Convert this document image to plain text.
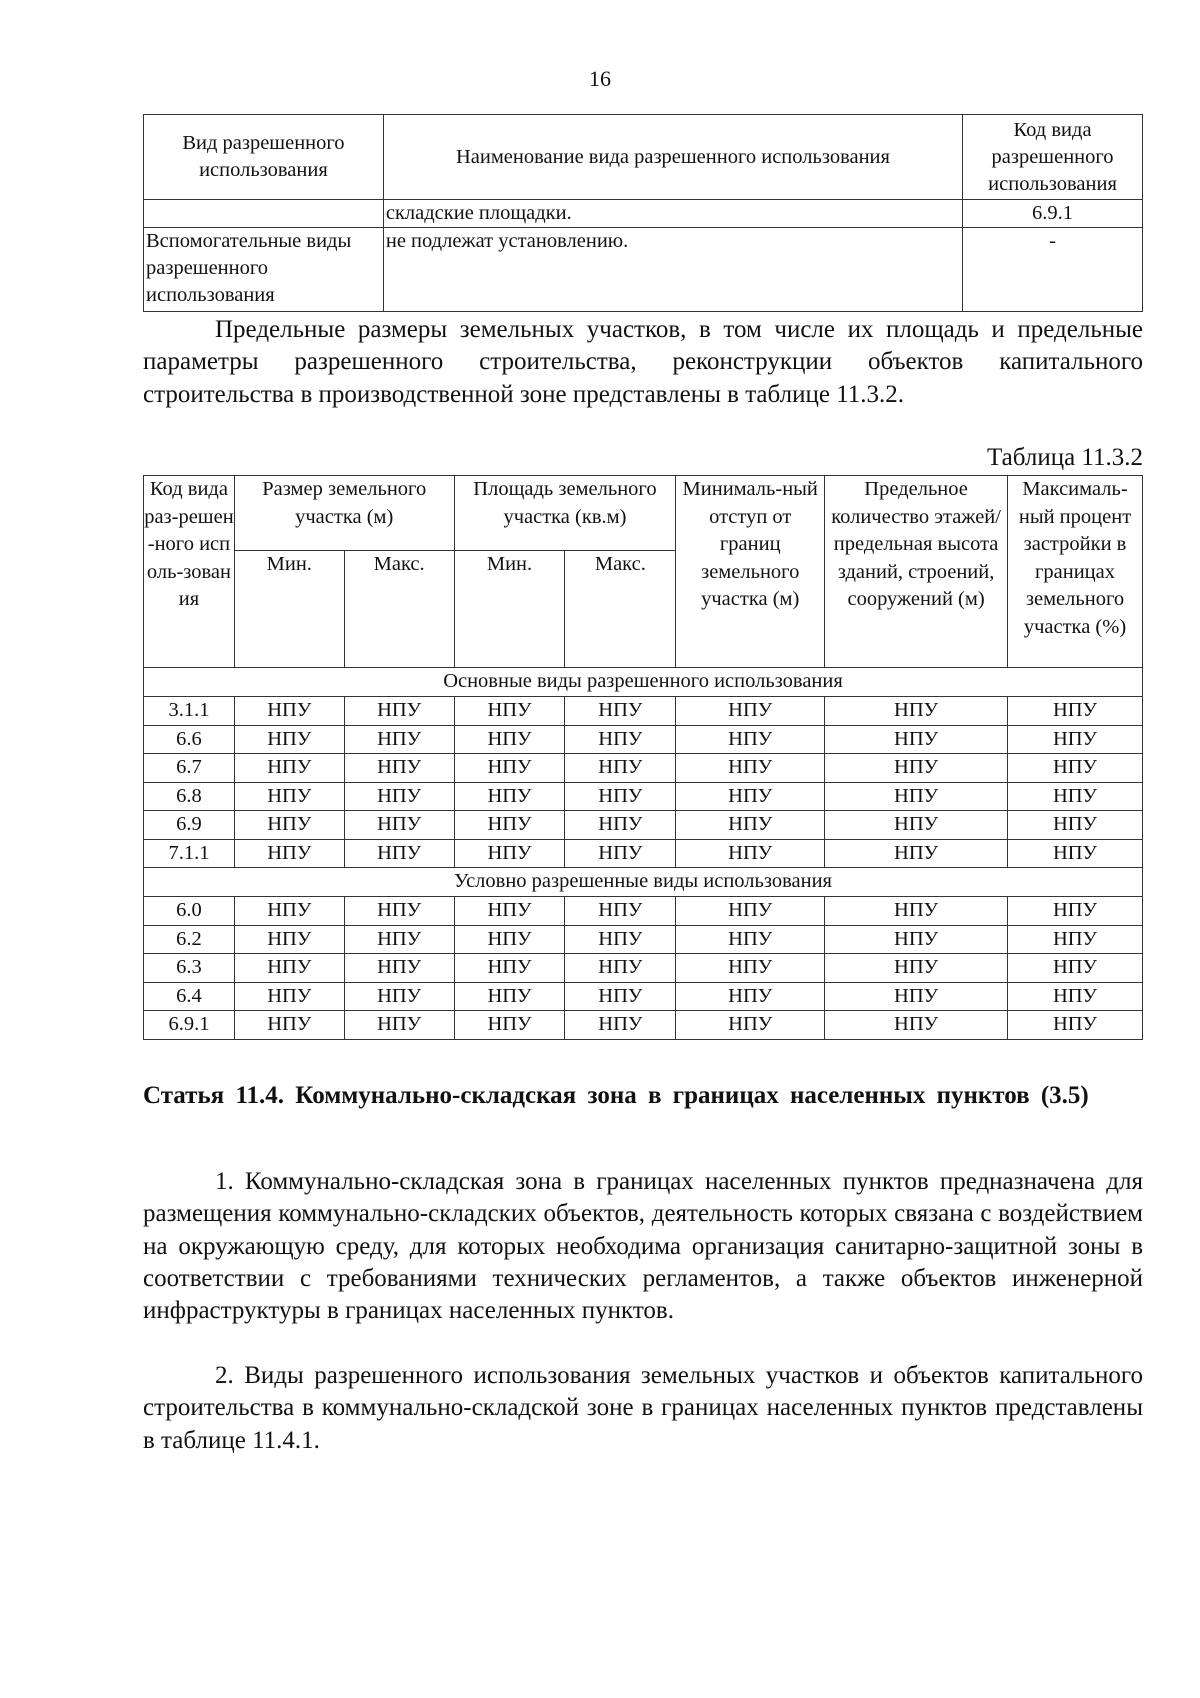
16
Вид разрешенного использования	Наименование вида разрешенного использования	Код вида разрешенного использования
	складские площадки.	6.9.1
Вспомогательные виды разрешенного использования	не подлежат установлению.	-
Предельные размеры земельных участков, в том числе их площадь и предельные параметры разрешенного строительства, реконструкции объектов капитального строительства в производственной зоне представлены в таблице 11.3.2.
Таблица 11.3.2
Код вида раз-решен-ного исполь-зования	Размер земельного участка (м)		Площадь земельного участка (кв.м)		Минималь-ный отступ от границ земельного участка (м)	Предельное количество этажей/ предельная высота зданий, строений, сооружений (м)	Максималь-ный процент застройки в границах земельного участка (%)
	Мин.	Макс.	Мин.	Макс.			
Основные виды разрешенного использования							
3.1.1	НПУ	НПУ	НПУ	НПУ	НПУ	НПУ	НПУ
6.6	НПУ	НПУ	НПУ	НПУ	НПУ	НПУ	НПУ
6.7	НПУ	НПУ	НПУ	НПУ	НПУ	НПУ	НПУ
6.8	НПУ	НПУ	НПУ	НПУ	НПУ	НПУ	НПУ
6.9	НПУ	НПУ	НПУ	НПУ	НПУ	НПУ	НПУ
7.1.1	НПУ	НПУ	НПУ	НПУ	НПУ	НПУ	НПУ
Условно разрешенные виды использования							
6.0	НПУ	НПУ	НПУ	НПУ	НПУ	НПУ	НПУ
6.2	НПУ	НПУ	НПУ	НПУ	НПУ	НПУ	НПУ
6.3	НПУ	НПУ	НПУ	НПУ	НПУ	НПУ	НПУ
6.4	НПУ	НПУ	НПУ	НПУ	НПУ	НПУ	НПУ
6.9.1	НПУ	НПУ	НПУ	НПУ	НПУ	НПУ	НПУ
Статья 11.4. Коммунально-складская зона в границах населенных пунктов (3.5)
1. Коммунально-складская зона в границах населенных пунктов предназначена для размещения коммунально-складских объектов, деятельность которых связана с воздействием на окружающую среду, для которых необходима организация санитарно-защитной зоны в соответствии с требованиями технических регламентов, а также объектов инженерной инфраструктуры в границах населенных пунктов.
2. Виды разрешенного использования земельных участков и объектов капитального строительства в коммунально-складской зоне в границах населенных пунктов представлены в таблице 11.4.1.
